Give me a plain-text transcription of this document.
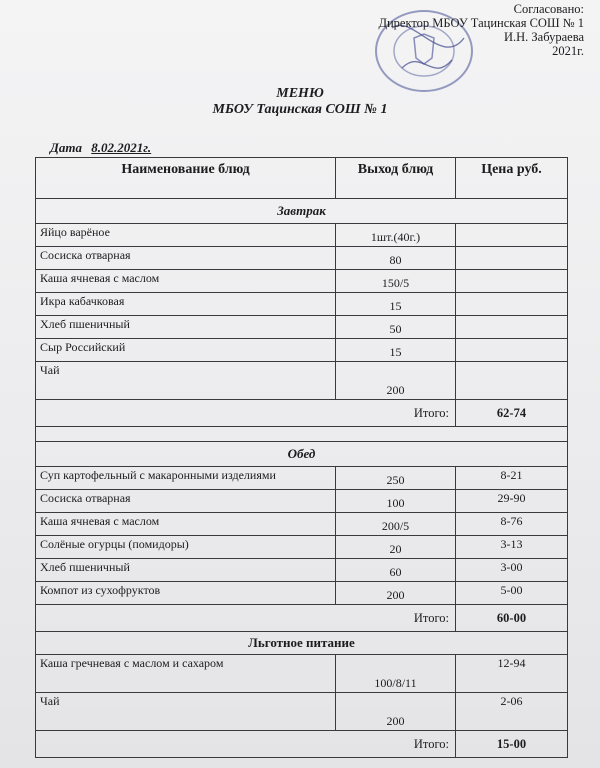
Согласовано:
Директор МБОУ Тацинская СОШ № 1
И.Н. Забураева
2021г.
МЕНЮ
МБОУ Тацинская СОШ № 1
Дата 8.02.2021г.
Наименование блюд	Выход блюд	Цена руб.
Завтрак		
Яйцо варёное	1шт.(40г.)	
Сосиска отварная	80	
Каша ячневая с маслом	150/5	
Икра кабачковая	15	
Хлеб пшеничный	50	
Сыр Российский	15	
Чай	200	
Итого:		62-74

Обед		
Суп картофельный с макаронными изделиями	250	8-21
Сосиска отварная	100	29-90
Каша ячневая с маслом	200/5	8-76
Солёные огурцы (помидоры)	20	3-13
Хлеб пшеничный	60	3-00
Компот из сухофруктов	200	5-00
Итого:		60-00
Льготное питание		
Каша гречневая с маслом и сахаром	100/8/11	12-94
Чай	200	2-06
Итого:		15-00
